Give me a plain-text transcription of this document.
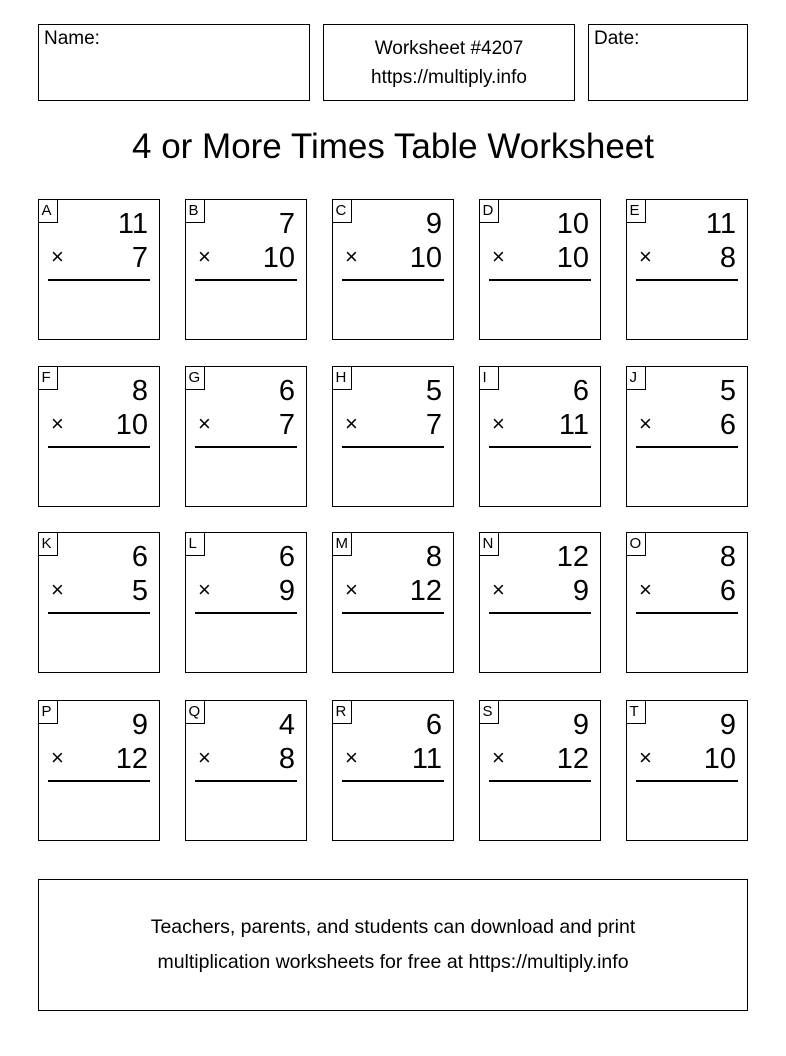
Name:	Worksheet #4207
https://multiply.info
Date:
4 or More Times Table Worksheet
A 11
× 7
B	7
× 10
C	9
× 10
D 10
× 10
E 11
× 8
F	8
× 10
G	6
× 7
H	5
× 7
I	6
× 11
J	5
× 6
K	6
× 5
L	6
× 9
M	8
× 12
N 12
× 9
O	8
× 6
P	9
× 12
Q	4
× 8
R	6
× 11
S	9
× 12
T	9
× 10
Teachers, parents, and students can download and print
multiplication worksheets for free at https://multiply.info
